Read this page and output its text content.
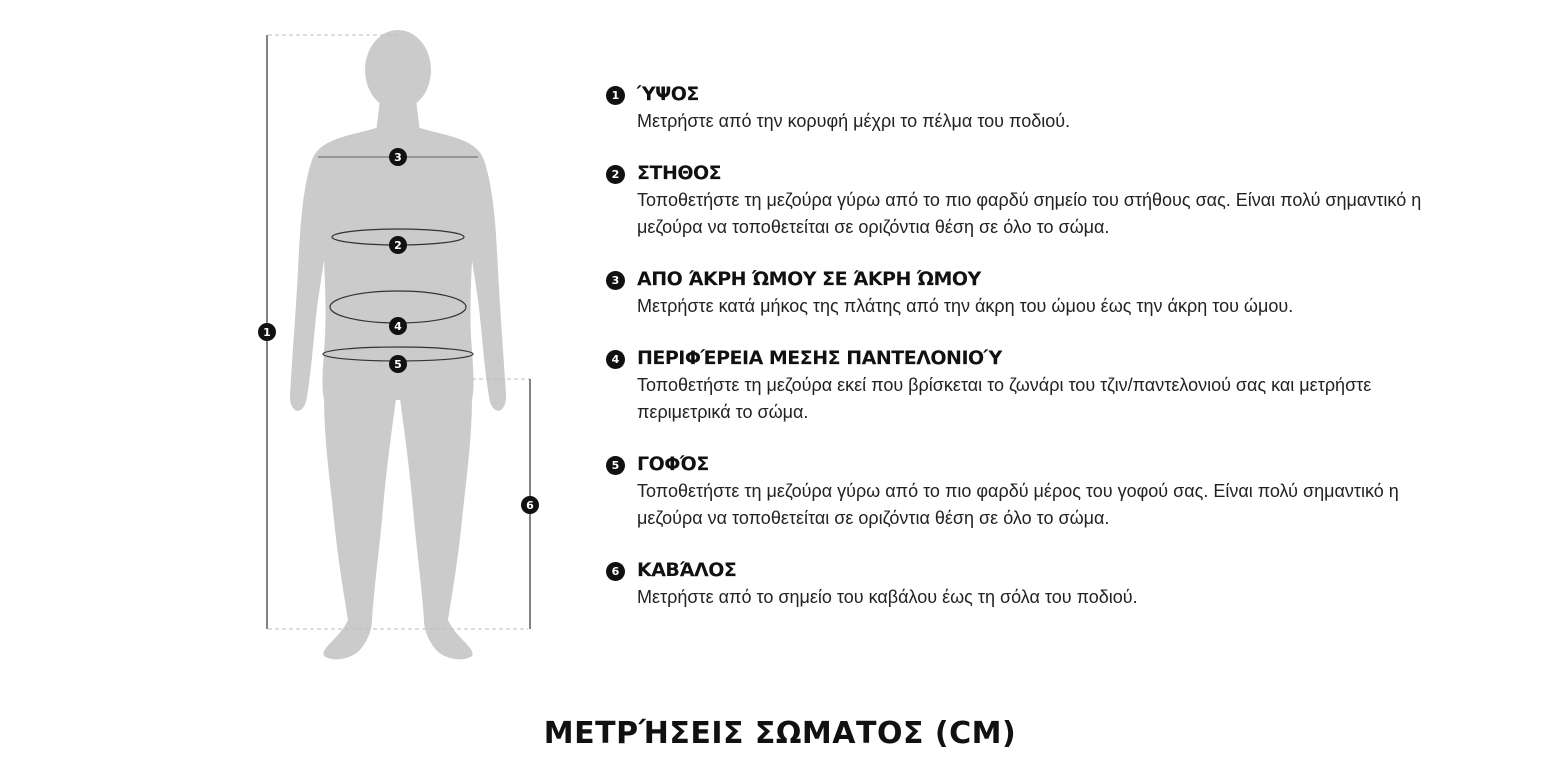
1
2
3
4
5
6
1 ΎΨΟΣ
Μετρήστε από την κορυφή μέχρι το πέλμα του ποδιού.
2 ΣΤΗΘΟΣ
Τοποθετήστε τη μεζούρα γύρω από το πιο φαρδύ σημείο του στήθους σας. Είναι πολύ σημαντικό η μεζούρα να τοποθετείται σε οριζόντια θέση σε όλο το σώμα.
3 ΑΠΟ ΆΚΡΗ ΏΜΟΥ ΣΕ ΆΚΡΗ ΏΜΟΥ
Μετρήστε κατά μήκος της πλάτης από την άκρη του ώμου έως την άκρη του ώμου.
4 ΠΕΡΙΦΈΡΕΙΑ ΜΕΣΗΣ ΠΑΝΤΕΛΟΝΙΟΎ
Τοποθετήστε τη μεζούρα εκεί που βρίσκεται το ζωνάρι του τζιν/παντελονιού σας και μετρήστε περιμετρικά το σώμα.
5 ΓΟΦΌΣ
Τοποθετήστε τη μεζούρα γύρω από το πιο φαρδύ μέρος του γοφού σας. Είναι πολύ σημαντικό η μεζούρα να τοποθετείται σε οριζόντια θέση σε όλο το σώμα.
6 ΚΑΒΆΛΟΣ
Μετρήστε από το σημείο του καβάλου έως τη σόλα του ποδιού.
ΜΕΤΡΉΣΕΙΣ ΣΩΜΑΤΟΣ (CM)
